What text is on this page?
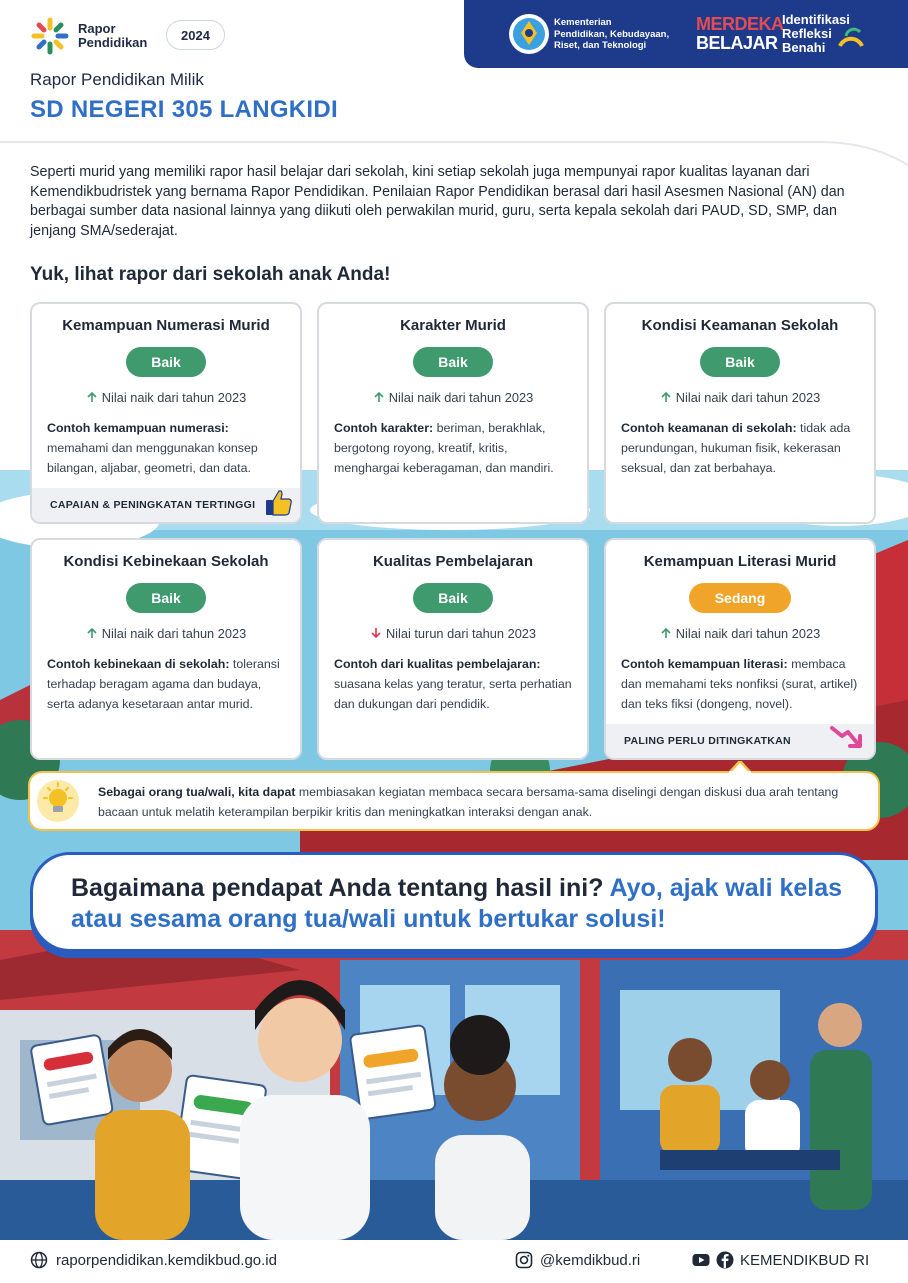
Rapor
Pendidikan	2024
Kementerian
Pendidikan, Kebudayaan,
Riset, dan Teknologi
MERDEKA
BELAJAR
Identifikasi
Refleksi
Benahi
Rapor Pendidikan Milik
SD NEGERI 305 LANGKIDI

Seperti murid yang memiliki rapor hasil belajar dari sekolah, kini setiap sekolah juga mempunyai rapor kualitas layanan dari Kemendikbudristek yang bernama Rapor Pendidikan. Penilaian Rapor Pendidikan berasal dari hasil Asesmen Nasional (AN) dan berbagai sumber data nasional lainnya yang diikuti oleh perwakilan murid, guru, serta kepala sekolah dari PAUD, SD, SMP, dan jenjang SMA/sederajat.

Yuk, lihat rapor dari sekolah anak Anda!
Kemampuan Numerasi Murid
Baik
Nilai naik dari tahun 2023
Contoh kemampuan numerasi: memahami dan menggunakan konsep bilangan, aljabar, geometri, dan data.
CAPAIAN & PENINGKATAN TERTINGGI
Karakter Murid
Baik
Nilai naik dari tahun 2023
Contoh karakter: beriman, berakhlak, bergotong royong, kreatif, kritis, menghargai keberagaman, dan mandiri.
Kondisi Keamanan Sekolah
Baik
Nilai naik dari tahun 2023
Contoh keamanan di sekolah: tidak ada perundungan, hukuman fisik, kekerasan seksual, dan zat berbahaya.
Kondisi Kebinekaan Sekolah
Baik
Nilai naik dari tahun 2023
Contoh kebinekaan di sekolah: toleransi terhadap beragam agama dan budaya, serta adanya kesetaraan antar murid.
Kualitas Pembelajaran
Baik
Nilai turun dari tahun 2023
Contoh dari kualitas pembelajaran: suasana kelas yang teratur, serta perhatian dan dukungan dari pendidik.
Kemampuan Literasi Murid
Sedang
Nilai naik dari tahun 2023
Contoh kemampuan literasi: membaca dan memahami teks nonfiksi (surat, artikel) dan teks fiksi (dongeng, novel).
PALING PERLU DITINGKATKAN
Sebagai orang tua/wali, kita dapat membiasakan kegiatan membaca secara bersama-sama diselingi dengan diskusi dua arah tentang
bacaan untuk melatih keterampilan berpikir kritis dan meningkatkan interaksi dengan anak.
Bagaimana pendapat Anda tentang hasil ini? Ayo, ajak wali kelas atau sesama orang tua/wali untuk bertukar solusi!
raporpendidikan.kemdikbud.go.id	@kemdikbud.ri	KEMENDIKBUD RI
